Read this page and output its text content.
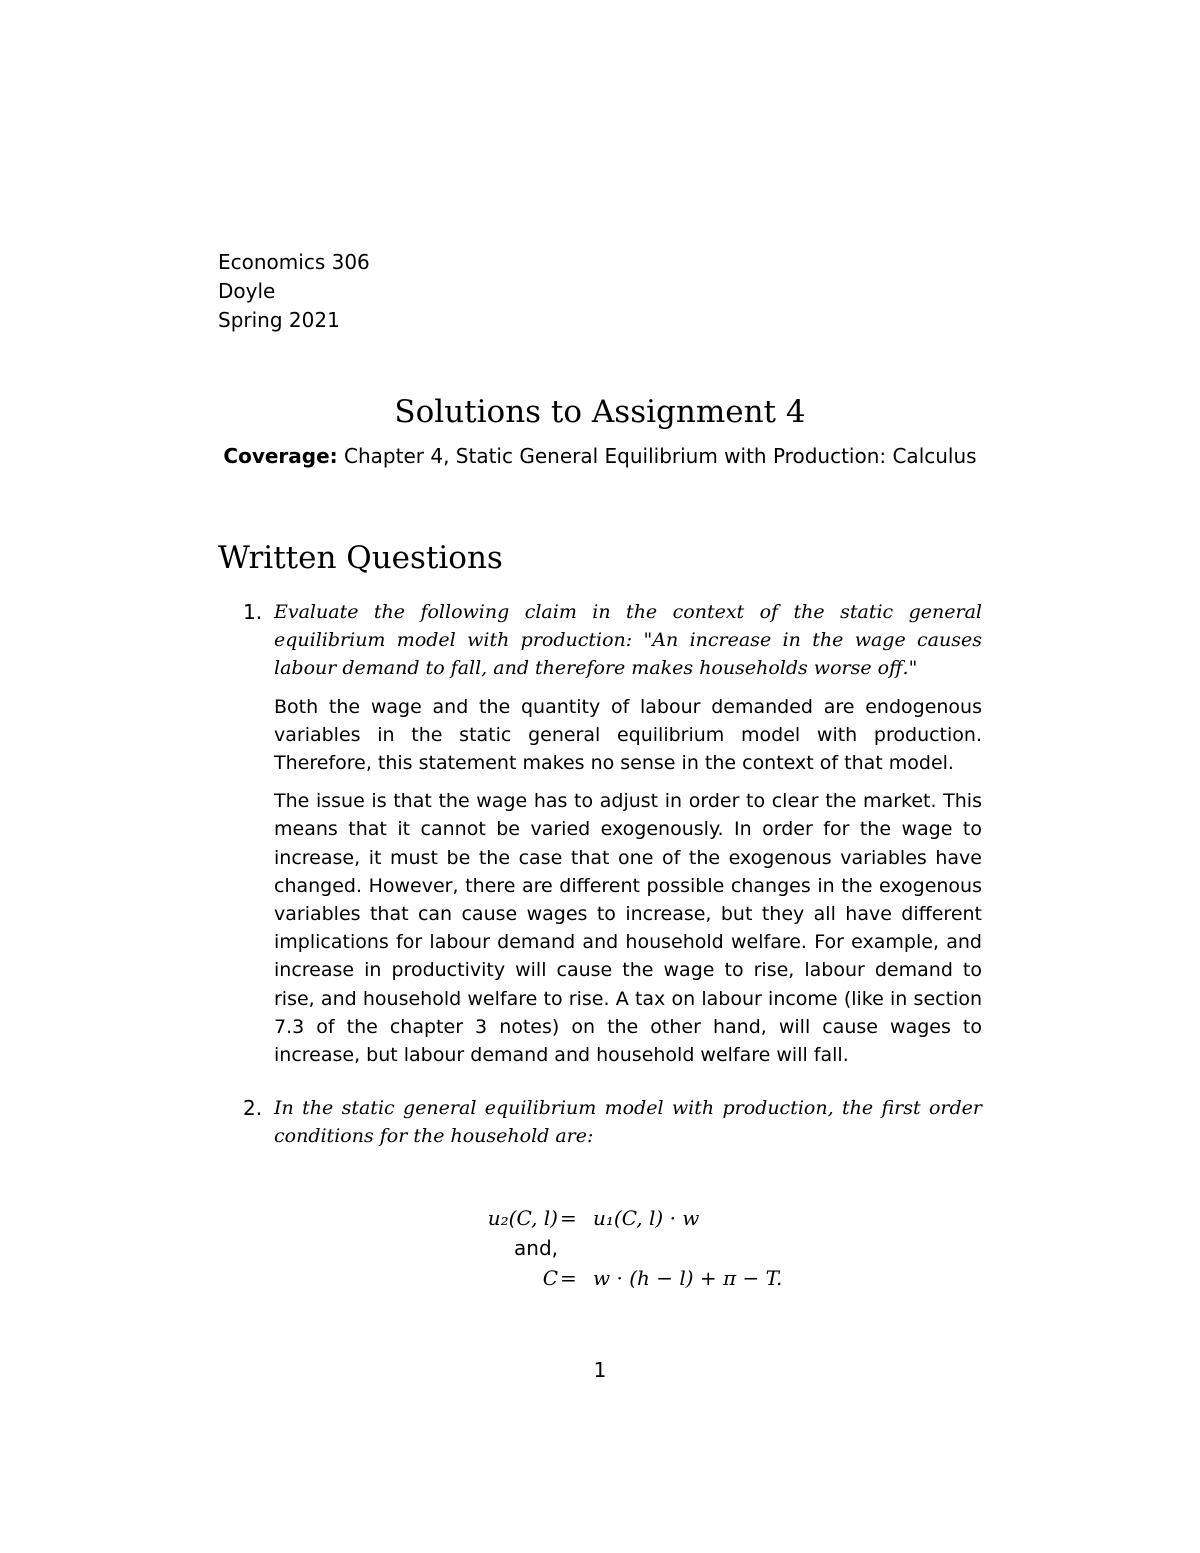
Economics 306
Doyle
Spring 2021
Solutions to Assignment 4
Coverage: Chapter 4, Static General Equilibrium with Production: Calculus
Written Questions
1. Evaluate the following claim in the context of the static general equilibrium model with production: "An increase in the wage causes labour demand to fall, and therefore makes households worse off."

Both the wage and the quantity of labour demanded are endogenous variables in the static general equilibrium model with production. Therefore, this statement makes no sense in the context of that model.

The issue is that the wage has to adjust in order to clear the market. This means that it cannot be varied exogenously. In order for the wage to increase, it must be the case that one of the exogenous variables have changed. However, there are different possible changes in the exogenous variables that can cause wages to increase, but they all have different implications for labour demand and household welfare. For example, and increase in productivity will cause the wage to rise, labour demand to rise, and household welfare to rise. A tax on labour income (like in section 7.3 of the chapter 3 notes) on the other hand, will cause wages to increase, but labour demand and household welfare will fall.

2. In the static general equilibrium model with production, the first order conditions for the household are:

u₂(C, l) = u₁(C, l) · w
and,
C = w · (h − l) + π − T.
1
